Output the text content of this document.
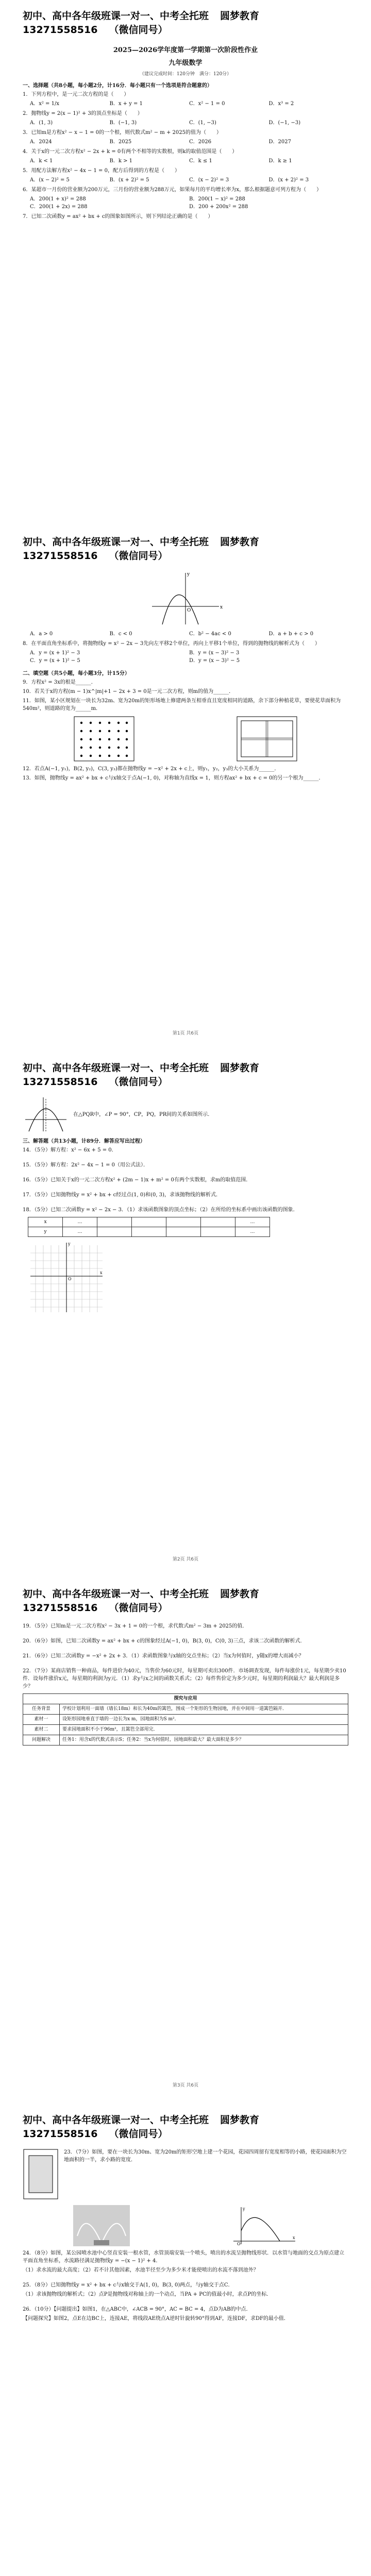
初中、高中各年级班课一对一、中考全托班 圆梦教育
13271558516 （微信同号）
2025—2026学年度第一学期第一次阶段性作业
九年级数学
（建议完成时间：120分钟　满分：120分）
一、选择题（共8小题，每小题2分，计16分．每小题只有一个选项是符合题意的）
1．下列方程中，是一元二次方程的是（　　）
A．x² = 1/x	B．x + y = 1	C．x² − 1 = 0	D．x³ = 2
2．抛物线y = 2(x − 1)² + 3的顶点坐标是（　　）
A．(1, 3)	B．(−1, 3)	C．(1, −3)	D．(−1, −3)
3．已知m是方程x² − x − 1 = 0的一个根，则代数式m² − m + 2025的值为（　　）
A．2024	B．2025	C．2026	D．2027
4．关于x的一元二次方程x² − 2x + k = 0有两个不相等的实数根，则k的取值范围是（　　）
A．k < 1	B．k > 1	C．k ≤ 1	D．k ≥ 1
5．用配方法解方程x² − 4x − 1 = 0，配方后得到的方程是（　　）
A．(x − 2)² = 5	B．(x + 2)² = 5	C．(x − 2)² = 3	D．(x + 2)² = 3
6．某超市一月份的营业额为200万元，三月份的营业额为288万元，如果每月的平均增长率为x，那么根据题意可列方程为（　　）
A．200(1 + x)² = 288	B．200(1 − x)² = 288
C．200(1 + 2x) = 288	D．200 + 200x² = 288
7．已知二次函数y = ax² + bx + c的图象如图所示，则下列结论正确的是（　　）
初中、高中各年级班课一对一、中考全托班 圆梦教育
13271558516 （微信同号）
x
y
O
A．a > 0	B．c < 0	C．b² − 4ac < 0	D．a + b + c > 0
8．在平面直角坐标系中，将抛物线y = x² − 2x − 3先向左平移2个单位，再向上平移1个单位，得到的抛物线的解析式为（　　）
A．y = (x + 1)² − 3	B．y = (x − 3)² − 3
C．y = (x + 1)² − 5	D．y = (x − 3)² − 5
二、填空题（共5小题，每小题3分，计15分）
9．方程x² = 3x的根是______．
10．若关于x的方程(m − 1)x^|m|+1 − 2x + 3 = 0是一元二次方程，则m的值为______．
11．如图，某小区规划在一块长为32m、宽为20m的矩形场地上修建两条互相垂直且宽度相同的道路，余下部分种植花草，要使花草面积为540m²，则道路的宽为______m．
12．若点A(−1, y₁)，B(2, y₂)，C(3, y₃)都在抛物线y = −x² + 2x + c上，则y₁，y₂，y₃的大小关系为______．
13．如图，抛物线y = ax² + bx + c与x轴交于点A(−1, 0)，对称轴为直线x = 1，则方程ax² + bx + c = 0的另一个根为______．
第1页 共6页
初中、高中各年级班课一对一、中考全托班 圆梦教育
13271558516 （微信同号）
在△PQR中，∠P = 90°，CP，PQ，PR间的关系如图所示．
三、解答题（共13小题，计89分．解答应写出过程）
14．（5分）解方程：x² − 6x + 5 = 0．
15．（5分）解方程：2x² − 4x − 1 = 0（用公式法）．
16．（5分）已知关于x的一元二次方程x² + (2m − 1)x + m² = 0有两个实数根，求m的取值范围．
17．（5分）已知抛物线y = x² + bx + c经过点(1, 0)和(0, 3)，求该抛物线的解析式．
18．（5分）已知二次函数y = x² − 2x − 3．（1）求该函数图象的顶点坐标；（2）在所给的坐标系中画出该函数的图象．
x	…					…
y	…					…
x
y
O
第2页 共6页
初中、高中各年级班课一对一、中考全托班 圆梦教育
13271558516 （微信同号）
19．（5分）已知m是一元二次方程x² − 3x + 1 = 0的一个根，求代数式m² − 3m + 2025的值．
20．（6分）如图，已知二次函数y = ax² + bx + c的图象经过A(−1, 0)，B(3, 0)，C(0, 3)三点，求该二次函数的解析式．
21．（6分）已知二次函数y = −x² + 2x + 3．（1）求函数图象与x轴的交点坐标；（2）当x为何值时，y随x的增大而减小？
22．（7分）某商店销售一种商品，每件进价为40元，当售价为60元时，每星期可卖出300件．市场调查发现，每件每涨价1元，每星期少卖10件．设每件涨价x元，每星期的利润为y元．（1）求y与x之间的函数关系式；（2）每件售价定为多少元时，每星期的利润最大？最大利润是多少？
探究与应用	
任务背景	学校计划利用一面墙（墙长18m）和长为40m的篱笆，围成一个矩形的生物园地，并在中间用一道篱笆隔开．
素材一	设矩形园地垂直于墙的一边长为x m，园地面积为S m²．
素材二	要求园地面积不小于96m²，且篱笆全部用完．
问题解决	任务1：用含x的代数式表示S；任务2：当x为何值时，园地面积最大？最大面积是多少？
第3页 共6页
初中、高中各年级班课一对一、中考全托班 圆梦教育
13271558516 （微信同号）
23．（7分）如图，要在一块长为30m、宽为20m的矩形空地上建一个花园，花园四周留有宽度相等的小路，使花园面积为空地面积的一半，求小路的宽度．
x
y
O
24．（8分）如图，某公园喷水池中心竖直安装一根水管，水管顶端安装一个喷头，喷出的水流呈抛物线形状．以水管与地面的交点为原点建立平面直角坐标系，水流路径满足抛物线y = −(x − 1)² + 4．
（1）求水流的最大高度；（2）若不计其他因素，水池半径至少为多少米才能使喷出的水流不落到池外？
25．（8分）已知抛物线y = x² + bx + c与x轴交于A(1, 0)，B(3, 0)两点，与y轴交于点C．
（1）求该抛物线的解析式；（2）点P是抛物线对称轴上的一个动点，当PA + PC的值最小时，求点P的坐标．
26．（10分）【问题提出】如图1，在△ABC中，∠ACB = 90°，AC = BC = 4，点D为AB的中点．
【问题探究】如图2，点E在边BC上，连接AE，将线段AE绕点A逆时针旋转90°得到AF，连接DF，求DF的最小值．
